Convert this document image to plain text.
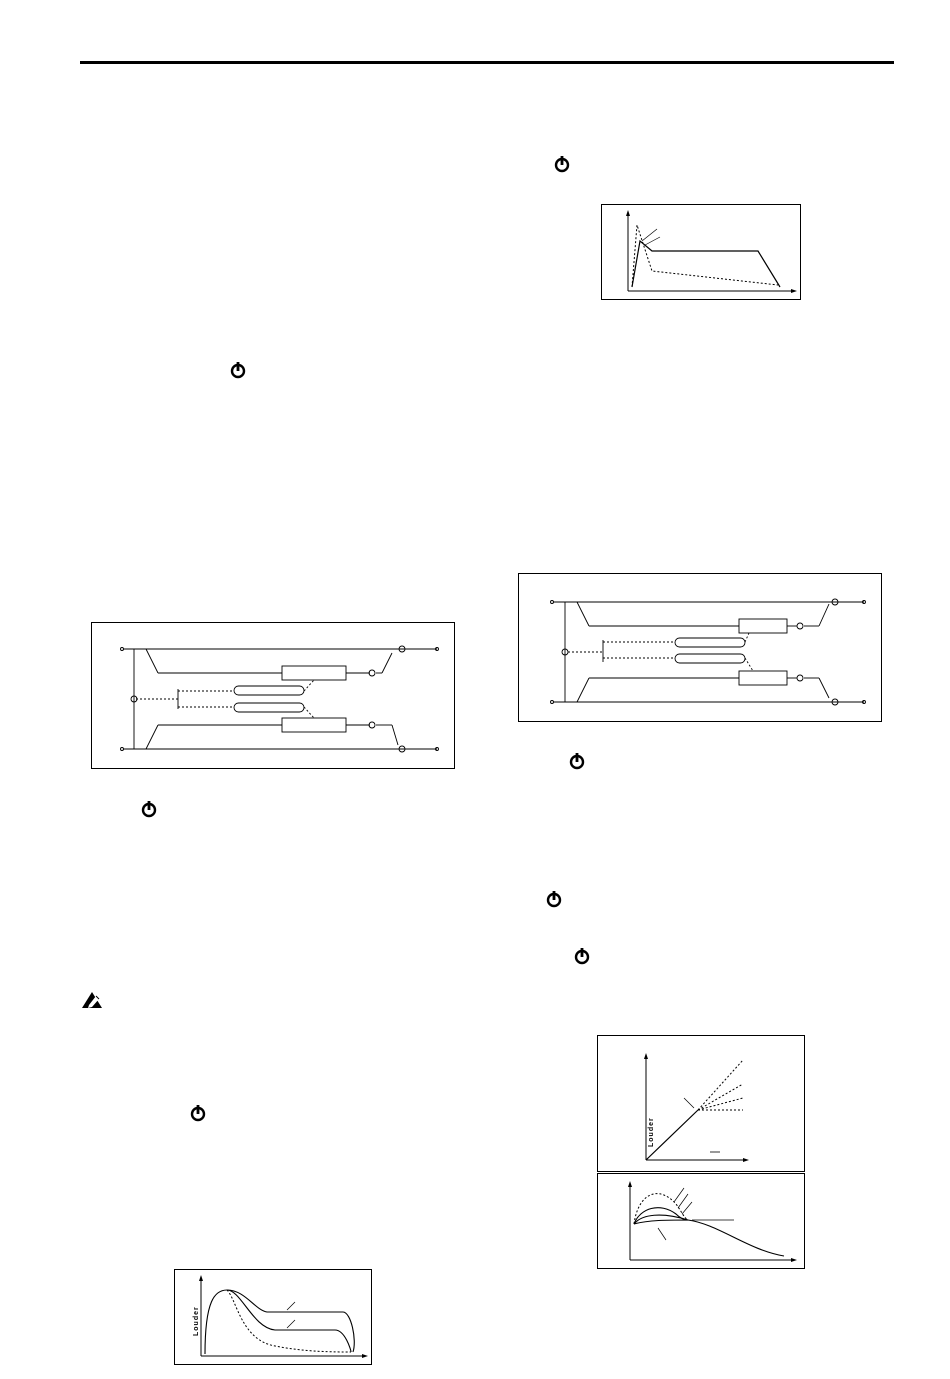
Louder
Louder
